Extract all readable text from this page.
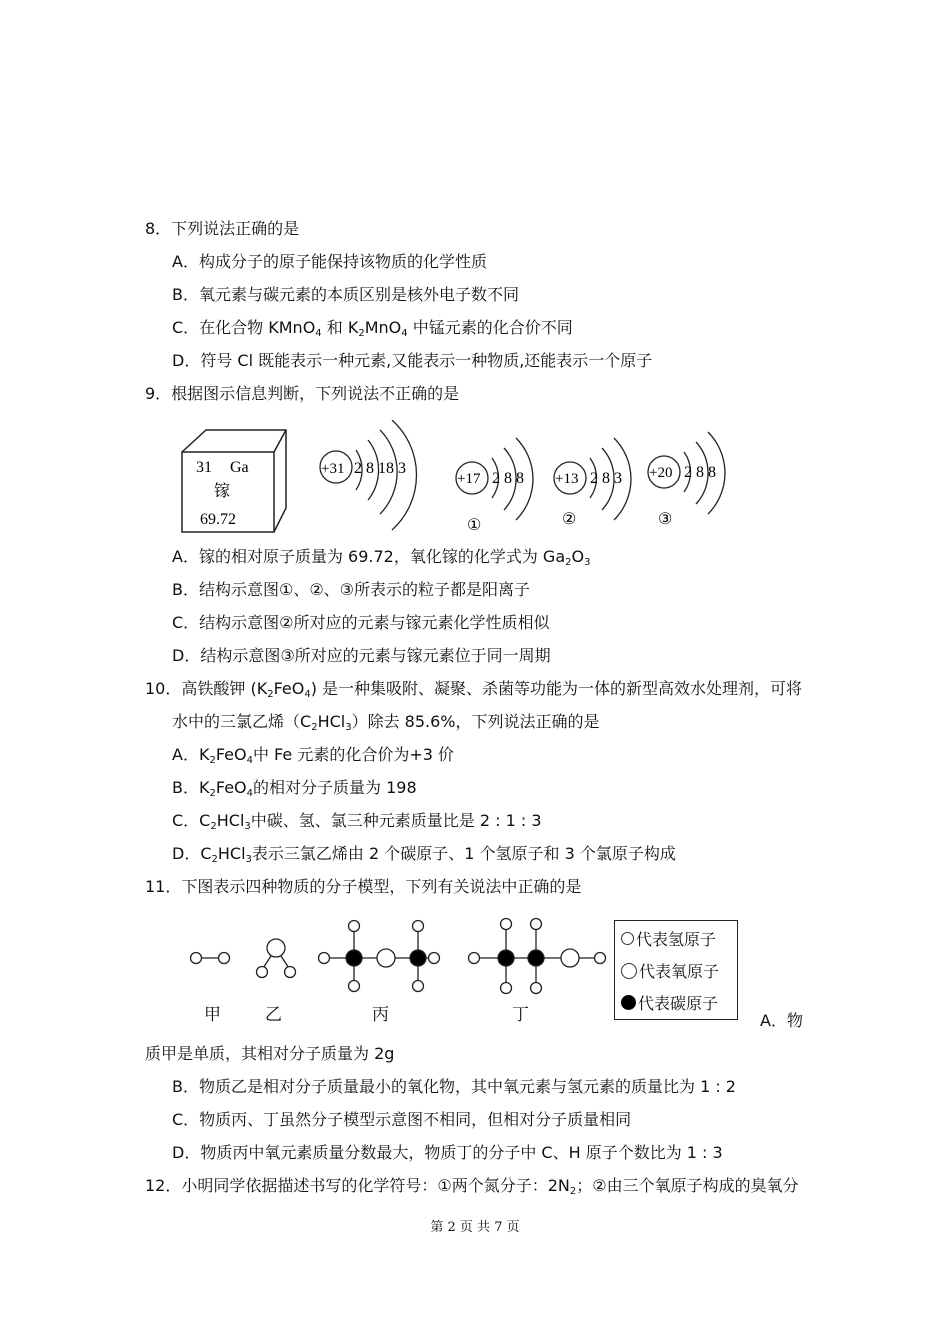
8．下列说法正确的是
A．构成分子的原子能保持该物质的化学性质
B．氧元素与碳元素的本质区别是核外电子数不同
C．在化合物 KMnO$_4$ 和 $K_2MnO_4$ 中锰元素的化合价不同
D．符号 Cl 既能表示一种元素,又能表示一种物质,还能表示一个原子
9．根据图示信息判断，下列说法不正确的是
31 Ga
镓
69.72
+31 2 8 18 3
+17 2 8 8
①
+13 2 8 3
②
+20 2 8 8
③
A．镓的相对原子质量为 69.72，氧化镓的化学式为 $Ga_2O_3$
B．结构示意图①、②、③所表示的粒子都是阳离子
C．结构示意图②所对应的元素与镓元素化学性质相似
D．结构示意图③所对应的元素与镓元素位于同一周期
10．高铁酸钾 $(K_2FeO_4)$ 是一种集吸附、凝聚、杀菌等功能为一体的新型高效水处理剂，可将
水中的三氯乙烯$(C_2HCl_3)$除去 85.6%，下列说法正确的是
A．$K_2FeO_4$中 Fe 元素的化合价为+3 价
B．$K_2FeO_4$的相对分子质量为 198
C．$C_2HCl_3$中碳、氢、氯三种元素质量比是 2 : 1 : 3
D．$C_2HCl_3$表示三氯乙烯由 2 个碳原子、1 个氢原子和 3 个氯原子构成
11．下图表示四种物质的分子模型，下列有关说法中正确的是
甲	乙	丙	丁
代表氢原子
代表氧原子
代表碳原子
A．物
质甲是单质，其相对分子质量为 2g
B．物质乙是相对分子质量最小的氧化物，其中氧元素与氢元素的质量比为 1 : 2
C．物质丙、丁虽然分子模型示意图不相同，但相对分子质量相同
D．物质丙中氧元素质量分数最大，物质丁的分子中 C、H 原子个数比为 1 : 3
12．小明同学依据描述书写的化学符号：①两个氮分子：$2N_2$；②由三个氧原子构成的臭氧分
第 2 页 共 7 页
